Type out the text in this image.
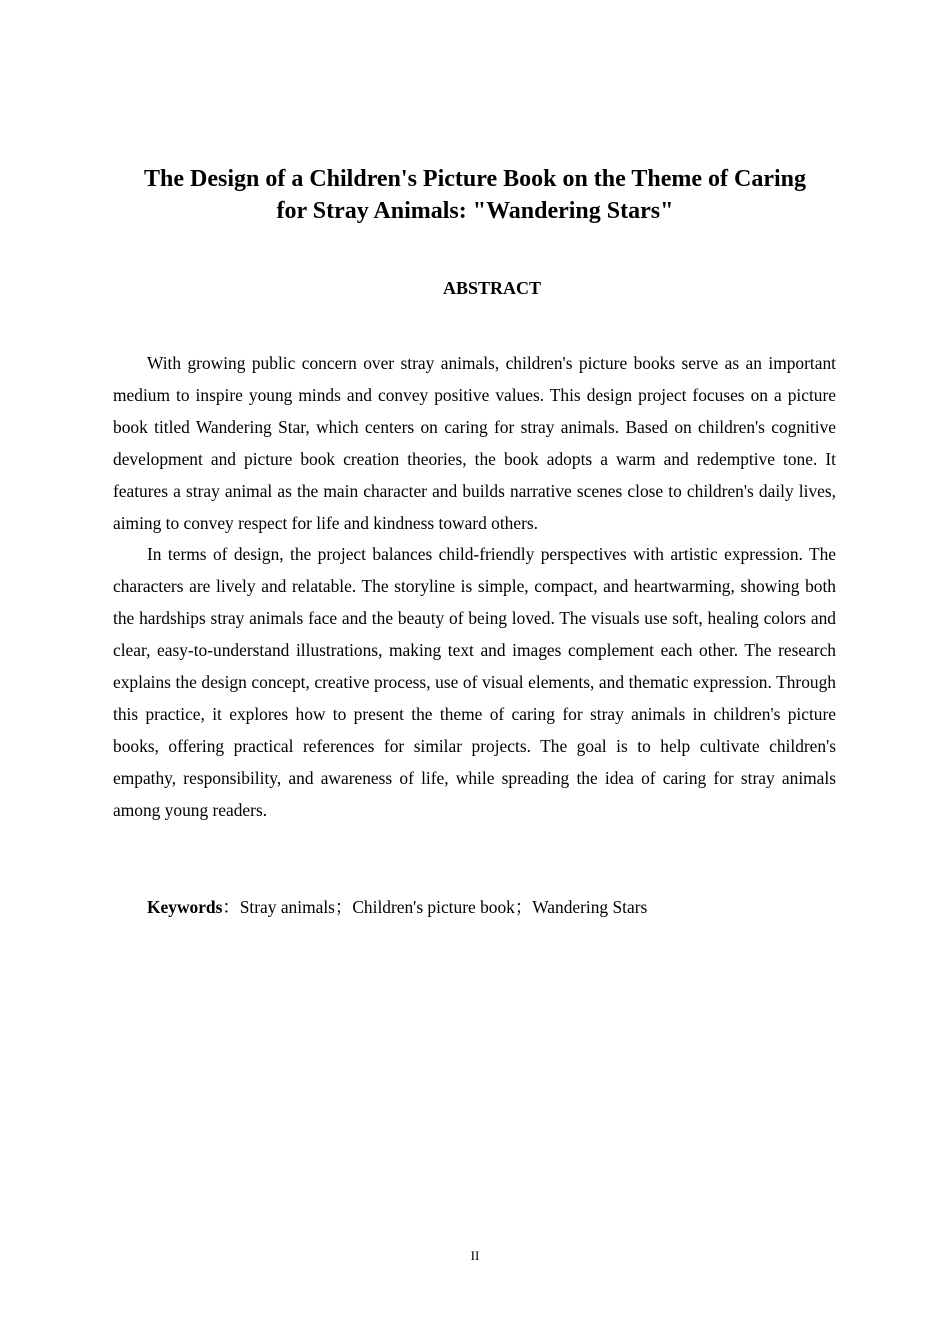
The Design of a Children's Picture Book on the Theme of Caring
for Stray Animals: "Wandering Stars"
ABSTRACT

With growing public concern over stray animals, children's picture books serve as an important medium to inspire young minds and convey positive values. This design project focuses on a picture book titled Wandering Star, which centers on caring for stray animals. Based on children's cognitive development and picture book creation theories, the book adopts a warm and redemptive tone. It features a stray animal as the main character and builds narrative scenes close to children's daily lives, aiming to convey respect for life and kindness toward others.

In terms of design, the project balances child-friendly perspectives with artistic expression. The characters are lively and relatable. The storyline is simple, compact, and heartwarming, showing both the hardships stray animals face and the beauty of being loved. The visuals use soft, healing colors and clear, easy-to-understand illustrations, making text and images complement each other. The research explains the design concept, creative process, use of visual elements, and thematic expression. Through this practice, it explores how to present the theme of caring for stray animals in children's picture books, offering practical references for similar projects. The goal is to help cultivate children's empathy, responsibility, and awareness of life, while spreading the idea of caring for stray animals among young readers.

Keywords：Stray animals；Children's picture book；Wandering Stars
II
